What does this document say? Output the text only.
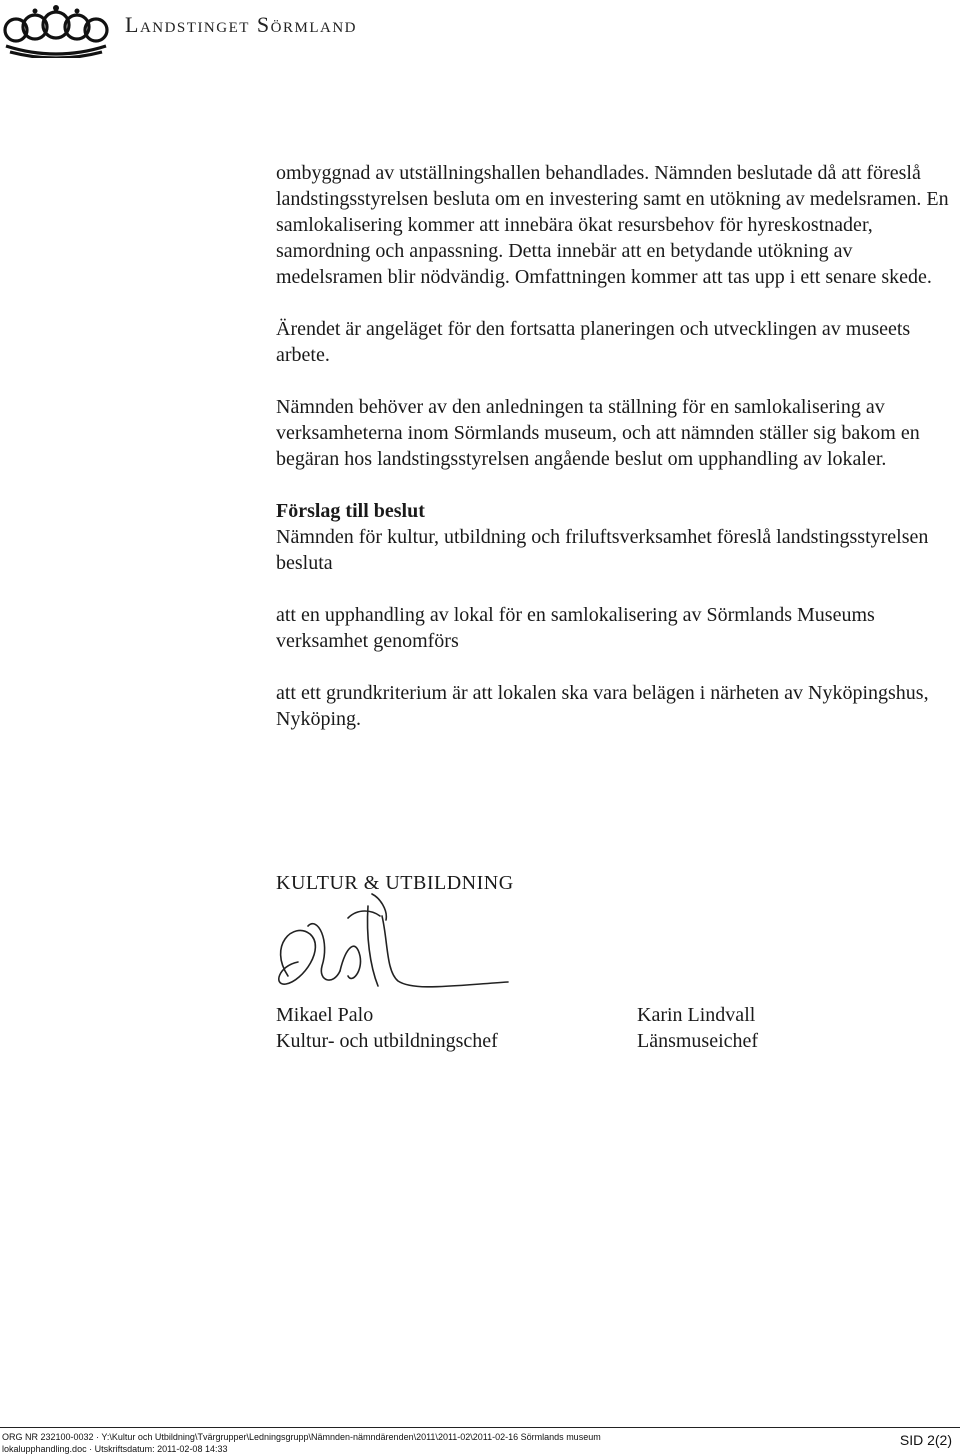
Landstinget Sörmland

ombyggnad av utställningshallen behandlades. Nämnden beslutade då att föreslå landstingsstyrelsen besluta om en investering samt en utökning av medelsramen. En samlokalisering kommer att innebära ökat resursbehov för hyreskostnader, samordning och anpassning. Detta innebär att en betydande utökning av medelsramen blir nödvändig. Omfattningen kommer att tas upp i ett senare skede.

Ärendet är angeläget för den fortsatta planeringen och utvecklingen av museets arbete.

Nämnden behöver av den anledningen ta ställning för en samlokalisering av verksamheterna inom Sörmlands museum, och att nämnden ställer sig bakom en begäran hos landstingsstyrelsen angående beslut om upphandling av lokaler.

Förslag till beslut

Nämnden för kultur, utbildning och friluftsverksamhet föreslå landstingsstyrelsen besluta

att en upphandling av lokal för en samlokalisering av Sörmlands Museums verksamhet genomförs

att ett grundkriterium är att lokalen ska vara belägen i närheten av Nyköpingshus, Nyköping.

KULTUR & UTBILDNING
Mikael Palo
Kultur- och utbildningschef
Karin Lindvall
Länsmuseichef
ORG NR 232100-0032 · Y:\Kultur och Utbildning\Tvärgrupper\Ledningsgrupp\Nämnden-nämndärenden\2011\2011-02\2011-02-16 Sörmlands museum
lokalupphandling.doc · Utskriftsdatum: 2011-02-08 14:33
SID 2(2)
